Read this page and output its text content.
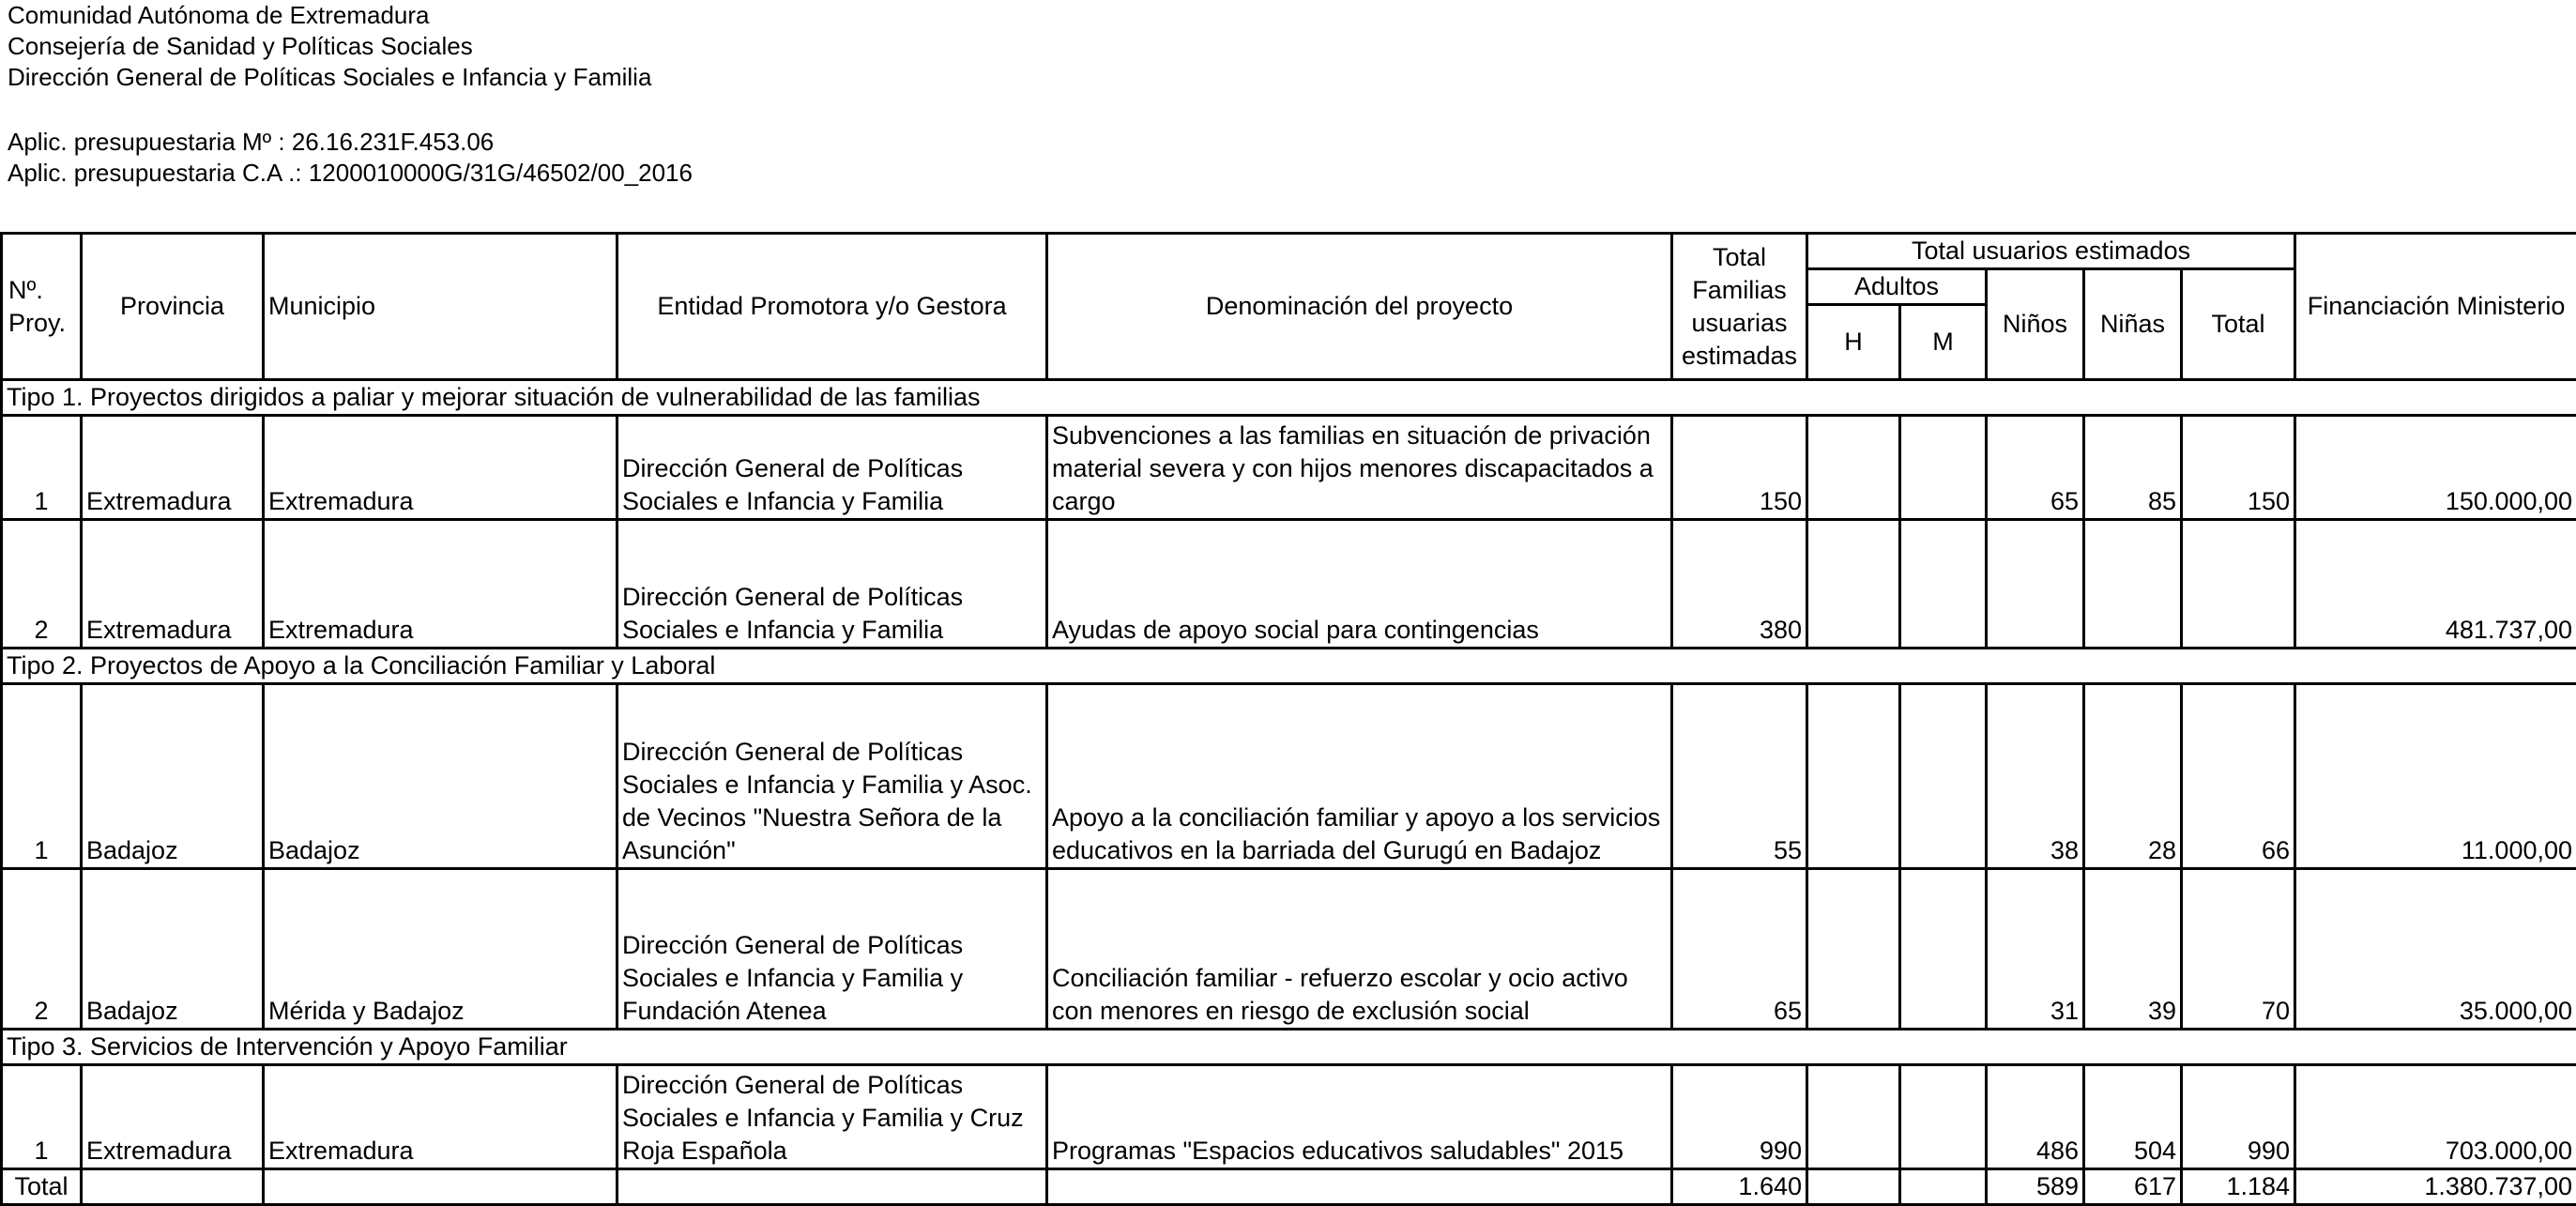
Comunidad Autónoma de Extremadura
Consejería de Sanidad y Políticas Sociales
Dirección General de Políticas Sociales e Infancia y Familia
Aplic. presupuestaria Mº : 26.16.231F.453.06
Aplic. presupuestaria C.A .: 1200010000G/31G/46502/00_2016
Nº. Proy.	Provincia	Municipio	Entidad Promotora y/o Gestora	Denominación del proyecto	Total Familias usuarias estimadas	Total usuarios estimados					Financiación Ministerio
						Adultos		Niños	Niñas	Total	
						H	M				
Tipo 1. Proyectos dirigidos a paliar y mejorar situación de vulnerabilidad de las familias											
1	Extremadura	Extremadura	Dirección General de Políticas Sociales e Infancia y Familia	Subvenciones a las familias en situación de privación material severa y con hijos menores discapacitados a cargo	150			65	85	150	150.000,00
2	Extremadura	Extremadura	Dirección General de Políticas Sociales e Infancia y Familia	Ayudas de apoyo social para contingencias	380						481.737,00
Tipo 2. Proyectos de Apoyo a la Conciliación Familiar y Laboral											
1	Badajoz	Badajoz	Dirección General de Políticas Sociales e Infancia y Familia y Asoc. de Vecinos "Nuestra Señora de la Asunción"	Apoyo a la conciliación familiar y apoyo a los servicios educativos en la barriada del Gurugú en Badajoz	55			38	28	66	11.000,00
2	Badajoz	Mérida y Badajoz	Dirección General de Políticas Sociales e Infancia y Familia y Fundación Atenea	Conciliación familiar - refuerzo escolar y ocio activo con menores en riesgo de exclusión social	65			31	39	70	35.000,00
Tipo 3. Servicios de Intervención y Apoyo Familiar											
1	Extremadura	Extremadura	Dirección General de Políticas Sociales e Infancia y Familia y Cruz Roja Española	Programas "Espacios educativos saludables" 2015	990			486	504	990	703.000,00
Total					1.640			589	617	1.184	1.380.737,00
